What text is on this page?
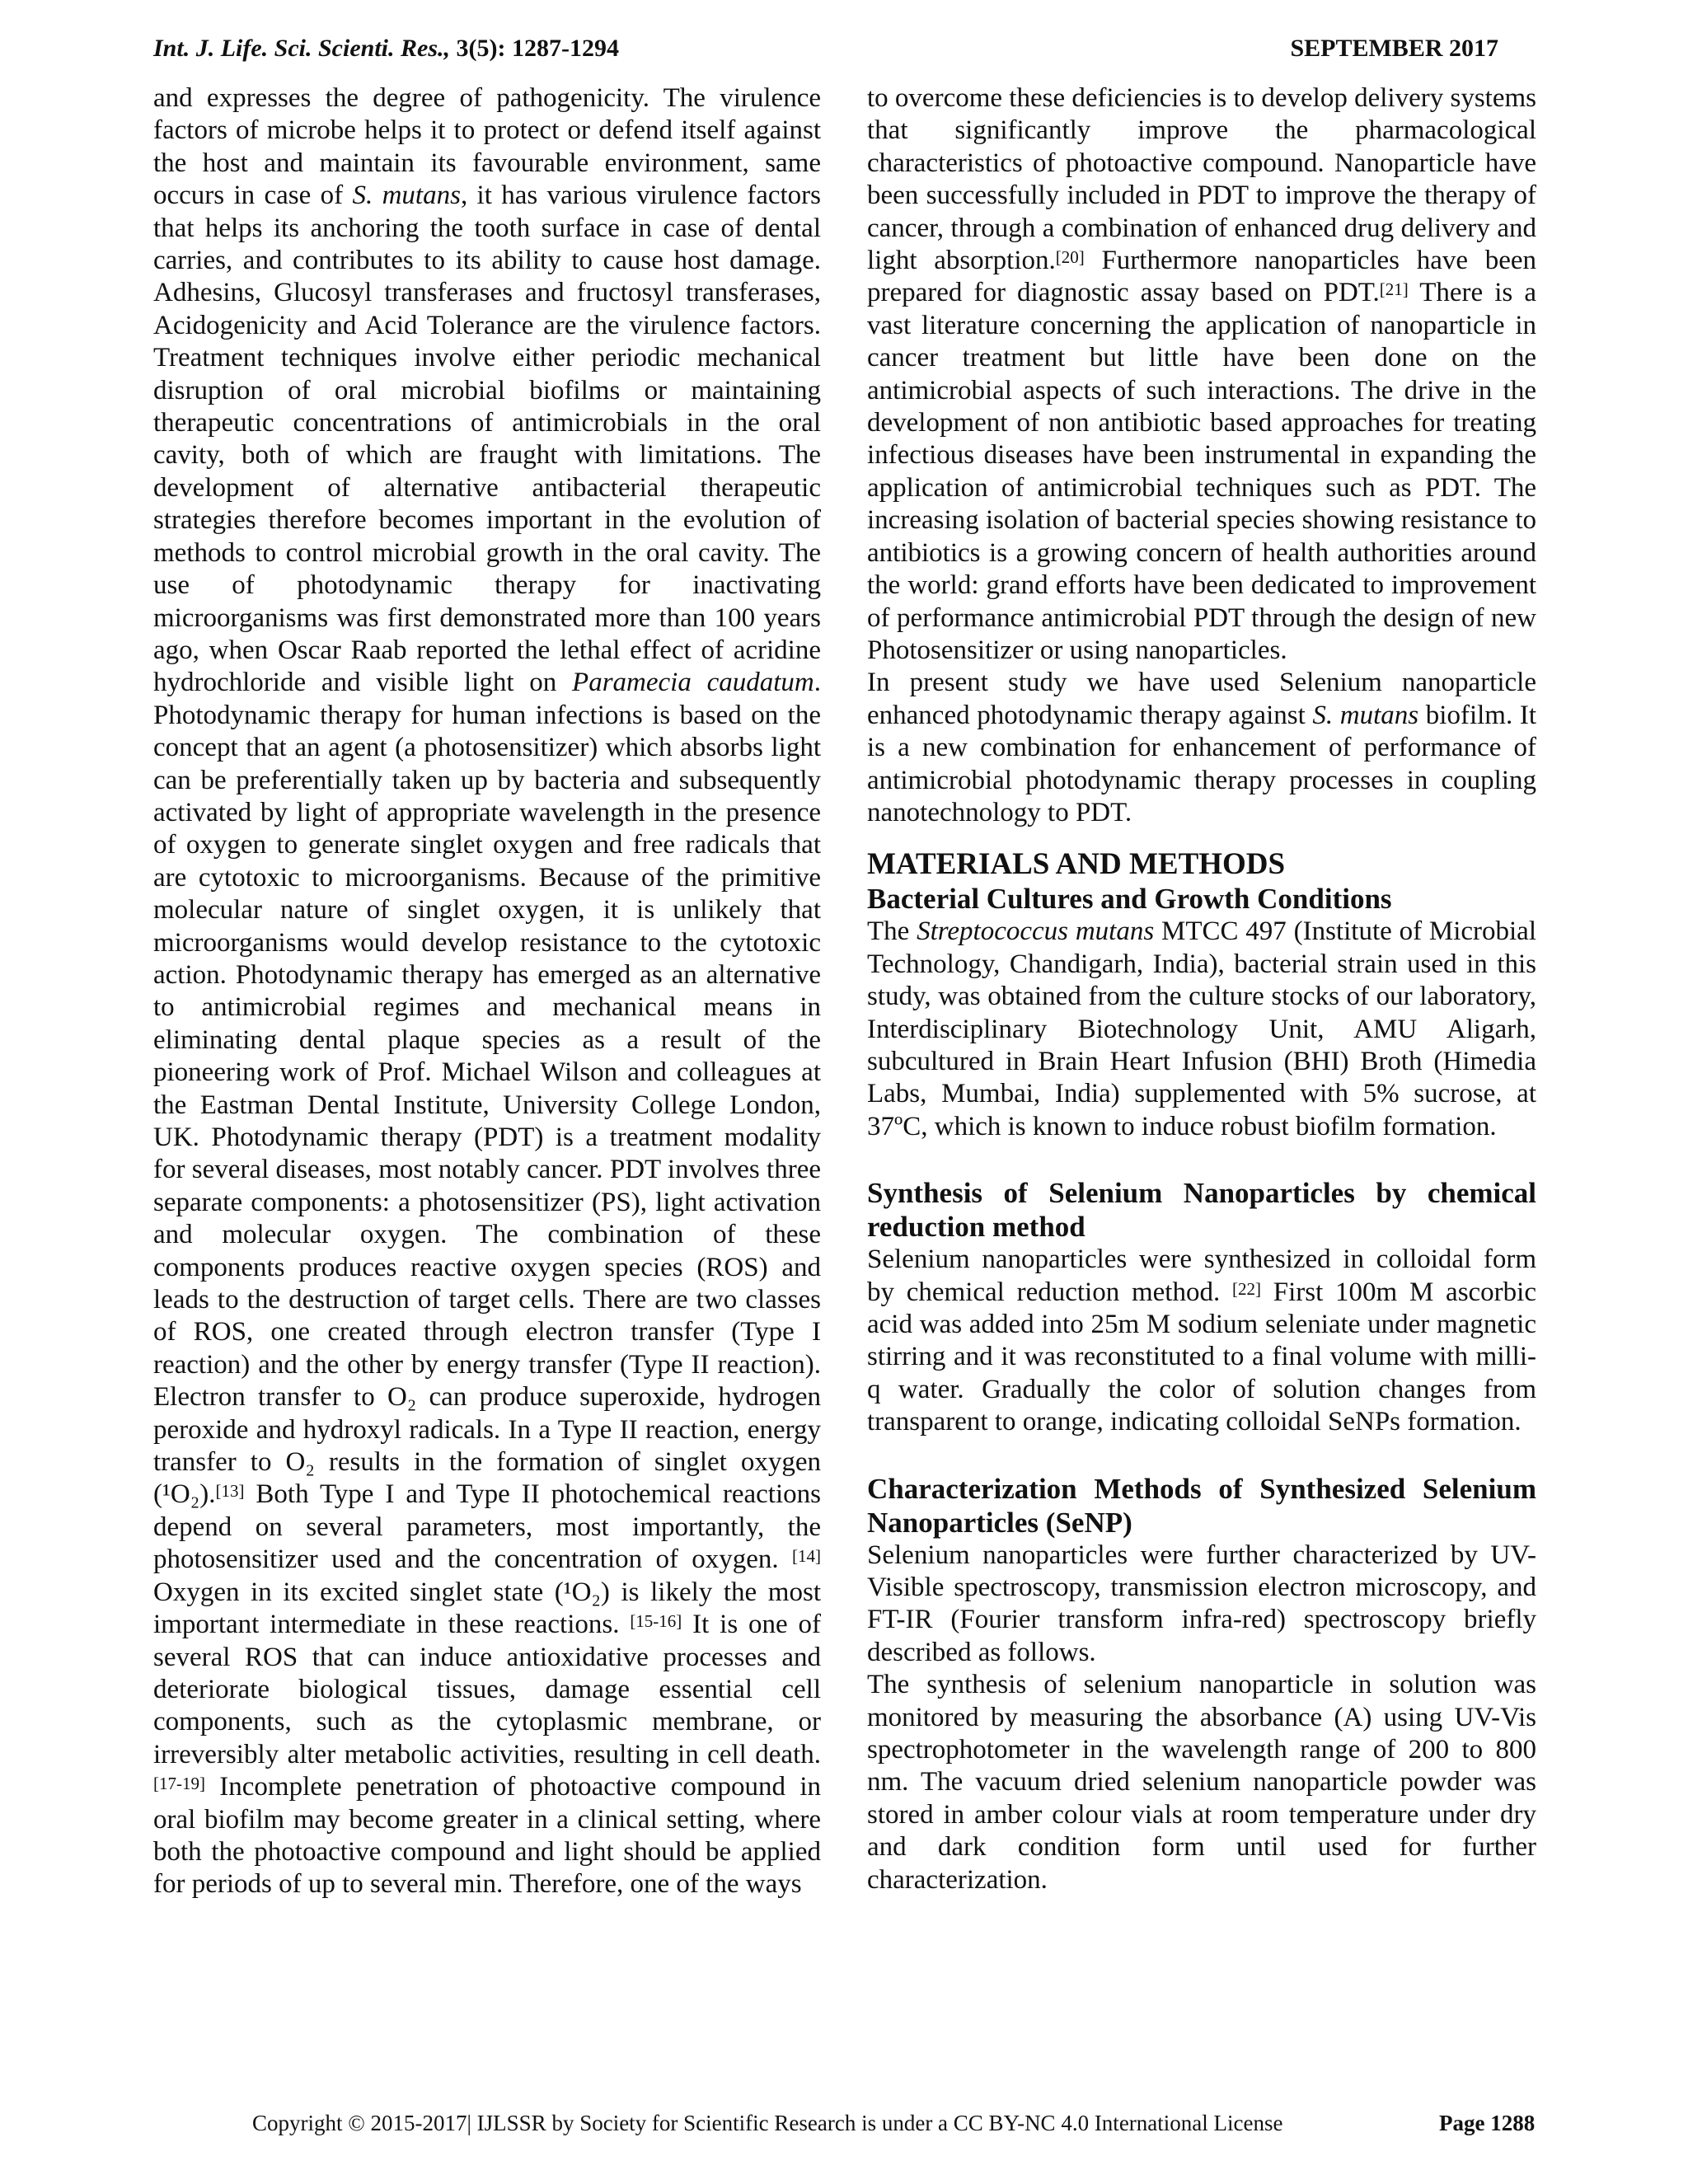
Int. J. Life. Sci. Scienti. Res., 3(5): 1287-1294	SEPTEMBER 2017

and expresses the degree of pathogenicity. The virulence factors of microbe helps it to protect or defend itself against the host and maintain its favourable environment, same occurs in case of S. mutans, it has various virulence factors that helps its anchoring the tooth surface in case of dental carries, and contributes to its ability to cause host damage. Adhesins, Glucosyl transferases and fructosyl transferases, Acidogenicity and Acid Tolerance are the virulence factors. Treatment techniques involve either periodic mechanical disruption of oral microbial biofilms or maintaining therapeutic concentrations of antimicrobials in the oral cavity, both of which are fraught with limitations. The development of alternative antibacterial therapeutic strategies therefore becomes important in the evolution of methods to control microbial growth in the oral cavity. The use of photodynamic therapy for inactivating microorganisms was first demonstrated more than 100 years ago, when Oscar Raab reported the lethal effect of acridine hydrochloride and visible light on Paramecia caudatum. Photodynamic therapy for human infections is based on the concept that an agent (a photosensitizer) which absorbs light can be preferentially taken up by bacteria and subsequently activated by light of appropriate wavelength in the presence of oxygen to generate singlet oxygen and free radicals that are cytotoxic to microorganisms. Because of the primitive molecular nature of singlet oxygen, it is unlikely that microorganisms would develop resistance to the cytotoxic action. Photodynamic therapy has emerged as an alternative to antimicrobial regimes and mechanical means in eliminating dental plaque species as a result of the pioneering work of Prof. Michael Wilson and colleagues at the Eastman Dental Institute, University College London, UK. Photodynamic therapy (PDT) is a treatment modality for several diseases, most notably cancer. PDT involves three separate components: a photosensitizer (PS), light activation and molecular oxygen. The combination of these components produces reactive oxygen species (ROS) and leads to the destruction of target cells. There are two classes of ROS, one created through electron transfer (Type I reaction) and the other by energy transfer (Type II reaction). Electron transfer to O₂ can produce superoxide, hydrogen peroxide and hydroxyl radicals. In a Type II reaction, energy transfer to O₂ results in the formation of singlet oxygen (¹O₂).[13] Both Type I and Type II photochemical reactions depend on several parameters, most importantly, the photosensitizer used and the concentration of oxygen. [14] Oxygen in its excited singlet state (¹O₂) is likely the most important intermediate in these reactions. [15-16] It is one of several ROS that can induce antioxidative processes and deteriorate biological tissues, damage essential cell components, such as the cytoplasmic membrane, or irreversibly alter metabolic activities, resulting in cell death. [17-19] Incomplete penetration of photoactive compound in oral biofilm may become greater in a clinical setting, where both the photoactive compound and light should be applied for periods of up to several min. Therefore, one of the ways

to overcome these deficiencies is to develop delivery systems that significantly improve the pharmacological characteristics of photoactive compound. Nanoparticle have been successfully included in PDT to improve the therapy of cancer, through a combination of enhanced drug delivery and light absorption.[20] Furthermore nanoparticles have been prepared for diagnostic assay based on PDT.[21] There is a vast literature concerning the application of nanoparticle in cancer treatment but little have been done on the antimicrobial aspects of such interactions. The drive in the development of non antibiotic based approaches for treating infectious diseases have been instrumental in expanding the application of antimicrobial techniques such as PDT. The increasing isolation of bacterial species showing resistance to antibiotics is a growing concern of health authorities around the world: grand efforts have been dedicated to improvement of performance antimicrobial PDT through the design of new Photosensitizer or using nanoparticles.

In present study we have used Selenium nanoparticle enhanced photodynamic therapy against S. mutans biofilm. It is a new combination for enhancement of performance of antimicrobial photodynamic therapy processes in coupling nanotechnology to PDT.

MATERIALS AND METHODS
Bacterial Cultures and Growth Conditions

The Streptococcus mutans MTCC 497 (Institute of Microbial Technology, Chandigarh, India), bacterial strain used in this study, was obtained from the culture stocks of our laboratory, Interdisciplinary Biotechnology Unit, AMU Aligarh, subcultured in Brain Heart Infusion (BHI) Broth (Himedia Labs, Mumbai, India) supplemented with 5% sucrose, at 37ºC, which is known to induce robust biofilm formation.

Synthesis of Selenium Nanoparticles by chemical reduction method

Selenium nanoparticles were synthesized in colloidal form by chemical reduction method. [22] First 100m M ascorbic acid was added into 25m M sodium seleniate under magnetic stirring and it was reconstituted to a final volume with milli-q water. Gradually the color of solution changes from transparent to orange, indicating colloidal SeNPs formation.

Characterization Methods of Synthesized Selenium Nanoparticles (SeNP)

Selenium nanoparticles were further characterized by UV-Visible spectroscopy, transmission electron microscopy, and FT-IR (Fourier transform infra-red) spectroscopy briefly described as follows.

The synthesis of selenium nanoparticle in solution was monitored by measuring the absorbance (A) using UV-Vis spectrophotometer in the wavelength range of 200 to 800 nm. The vacuum dried selenium nanoparticle powder was stored in amber colour vials at room temperature under dry and dark condition form until used for further characterization.

Copyright © 2015-2017| IJLSSR by Society for Scientific Research is under a CC BY-NC 4.0 International License	Page 1288
